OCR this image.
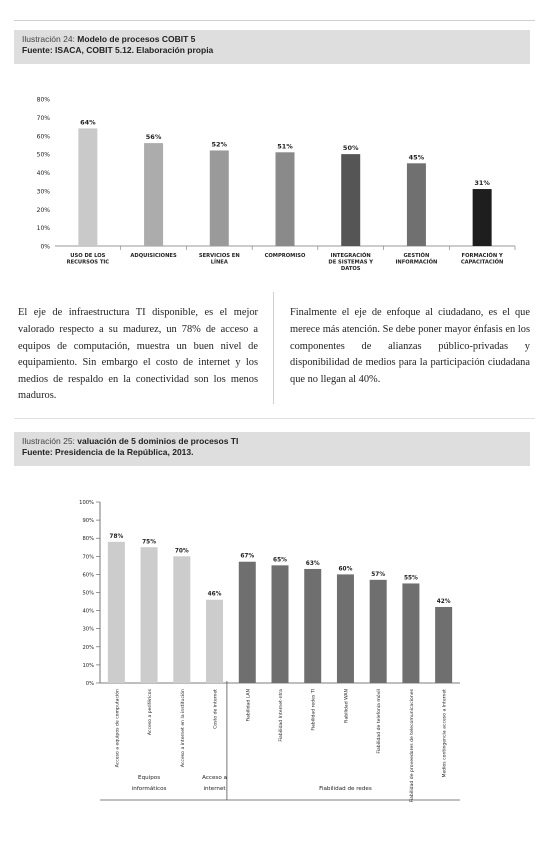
Ilustración 24: Modelo de procesos COBIT 5
Fuente: ISACA, COBIT 5.12. Elaboración propia
0%
10%
20%
30%
40%
50%
60%
70%
80%
64%
USO DE LOS RECURSOS TIC
56%
ADQUISICIONES
52%
SERVICIOS EN LÍNEA
51%
COMPROMISO
50%
INTEGRACIÓN DE SISTEMAS Y DATOS
45%
GESTIÓN INFORMACIÓN
31%
FORMACIÓN Y CAPACITACIÓN

El eje de infraestructura TI disponible, es el mejor valorado respecto a su madurez, un 78% de acceso a equipos de computación, muestra un buen nivel de equipamiento. Sin embargo el costo de internet y los medios de respaldo en la conectividad son los menos maduros.

Finalmente el eje de enfoque al ciudadano, es el que merece más atención. Se debe poner mayor énfasis en los componentes de alianzas público-privadas y disponibilidad de medios para la participación ciudadana que no llegan al 40%.

Ilustración 25: valuación de 5 dominios de procesos TI
Fuente: Presidencia de la República, 2013.
0%
10%
20%
30%
40%
50%
60%
70%
80%
90%
100%
78%
Acceso a equipos de computación
75%
Acceso a periféricos
70%
Acceso a internet en la institución
46%
Costo de internet
67%
Fiabilidad LAN
65%
Fiabilidad Internet-ntra
63%
Fiabilidad redes TI
60%
Fiabilidad WAN
57%
Fiabilidad de telefonía móvil
55%
Fiabilidad de proveedores de telecomunicaciones
42%
Medios contingencia acceso a Internet
Equipos informáticos
Acceso a internet	Fiabilidad de redes
